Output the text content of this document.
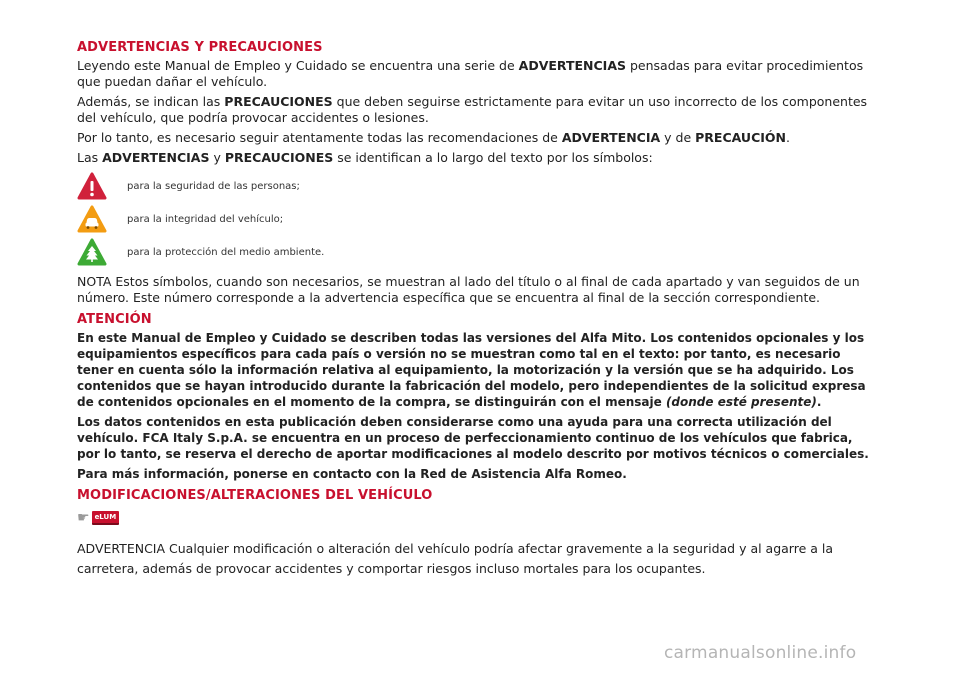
ADVERTENCIAS Y PRECAUCIONES

Leyendo este Manual de Empleo y Cuidado se encuentra una serie de ADVERTENCIAS pensadas para evitar procedimientos que puedan dañar el vehículo.

Además, se indican las PRECAUCIONES que deben seguirse estrictamente para evitar un uso incorrecto de los componentes del vehículo, que podría provocar accidentes o lesiones.

Por lo tanto, es necesario seguir atentamente todas las recomendaciones de ADVERTENCIA y de PRECAUCIÓN.

Las ADVERTENCIAS y PRECAUCIONES se identifican a lo largo del texto por los símbolos:

para la seguridad de las personas;
para la integridad del vehículo;
para la protección del medio ambiente.

NOTA Estos símbolos, cuando son necesarios, se muestran al lado del título o al final de cada apartado y van seguidos de un número. Este número corresponde a la advertencia específica que se encuentra al final de la sección correspondiente.

ATENCIÓN

En este Manual de Empleo y Cuidado se describen todas las versiones del Alfa Mito. Los contenidos opcionales y los equipamientos específicos para cada país o versión no se muestran como tal en el texto: por tanto, es necesario tener en cuenta sólo la información relativa al equipamiento, la motorización y la versión que se ha adquirido. Los contenidos que se hayan introducido durante la fabricación del modelo, pero independientes de la solicitud expresa de contenidos opcionales en el momento de la compra, se distinguirán con el mensaje (donde esté presente).

Los datos contenidos en esta publicación deben considerarse como una ayuda para una correcta utilización del vehículo. FCA Italy S.p.A. se encuentra en un proceso de perfeccionamiento continuo de los vehículos que fabrica, por lo tanto, se reserva el derecho de aportar modificaciones al modelo descrito por motivos técnicos o comerciales.

Para más información, ponerse en contacto con la Red de Asistencia Alfa Romeo.

MODIFICACIONES/ALTERACIONES DEL VEHÍCULO
☛ eLUM

ADVERTENCIA Cualquier modificación o alteración del vehículo podría afectar gravemente a la seguridad y al agarre a la carretera, además de provocar accidentes y comportar riesgos incluso mortales para los ocupantes.

carmanualsonline.info
